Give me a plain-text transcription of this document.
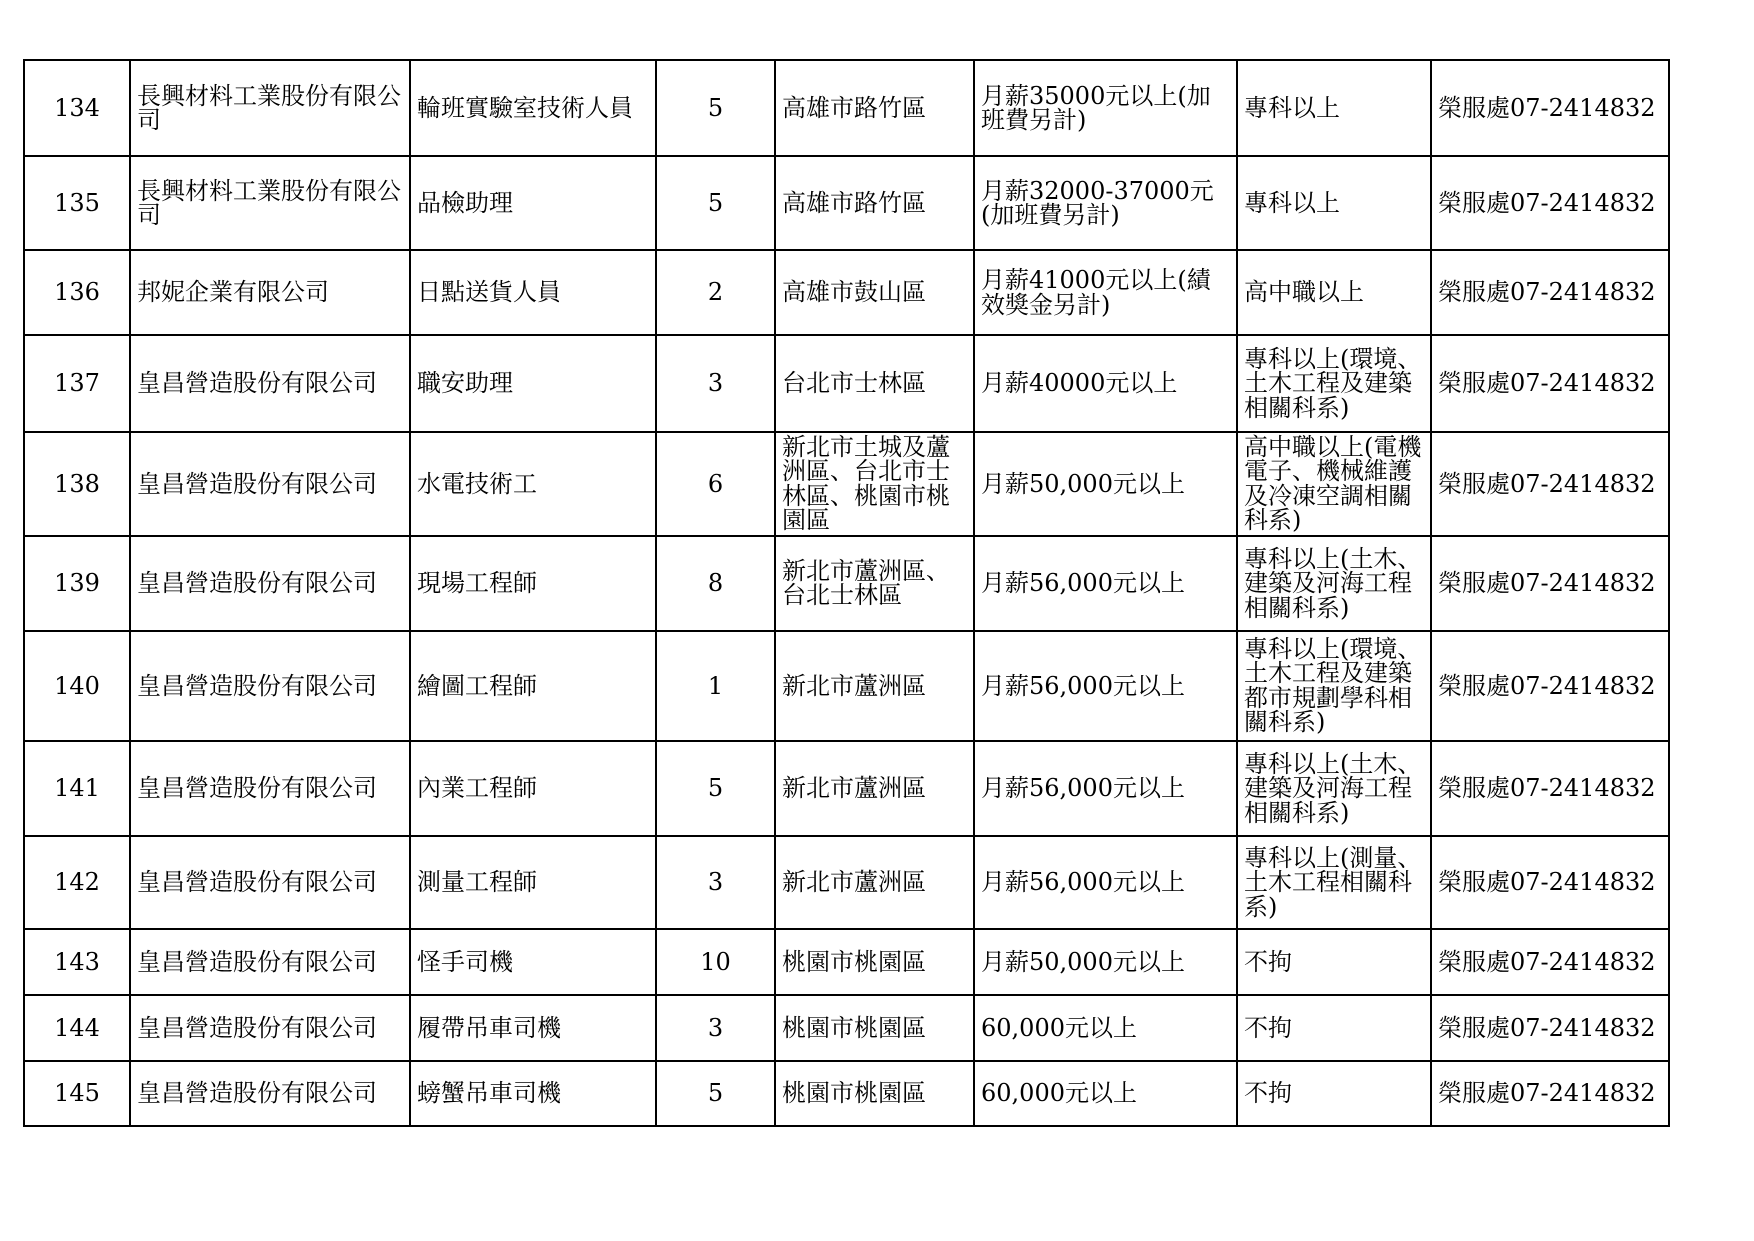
134	長興材料工業股份有限公司	輪班實驗室技術人員	5	高雄市路竹區	月薪35000元以上(加班費另計)	專科以上	榮服處07-2414832
135	長興材料工業股份有限公司	品檢助理	5	高雄市路竹區	月薪32000-37000元(加班費另計)	專科以上	榮服處07-2414832
136	邦妮企業有限公司	日點送貨人員	2	高雄市鼓山區	月薪41000元以上(績效獎金另計)	高中職以上	榮服處07-2414832
137	皇昌營造股份有限公司	職安助理	3	台北市士林區	月薪40000元以上	專科以上(環境、土木工程及建築相關科系)	榮服處07-2414832
138	皇昌營造股份有限公司	水電技術工	6	新北市土城及蘆洲區、台北市士林區、桃園市桃園區	月薪50,000元以上	高中職以上(電機電子、機械維護及冷凍空調相關科系)	榮服處07-2414832
139	皇昌營造股份有限公司	現場工程師	8	新北市蘆洲區、台北士林區	月薪56,000元以上	專科以上(土木、建築及河海工程相關科系)	榮服處07-2414832
140	皇昌營造股份有限公司	繪圖工程師	1	新北市蘆洲區	月薪56,000元以上	專科以上(環境、土木工程及建築都市規劃學科相關科系)	榮服處07-2414832
141	皇昌營造股份有限公司	內業工程師	5	新北市蘆洲區	月薪56,000元以上	專科以上(土木、建築及河海工程相關科系)	榮服處07-2414832
142	皇昌營造股份有限公司	測量工程師	3	新北市蘆洲區	月薪56,000元以上	專科以上(測量、土木工程相關科系)	榮服處07-2414832
143	皇昌營造股份有限公司	怪手司機	10	桃園市桃園區	月薪50,000元以上	不拘	榮服處07-2414832
144	皇昌營造股份有限公司	履帶吊車司機	3	桃園市桃園區	60,000元以上	不拘	榮服處07-2414832
145	皇昌營造股份有限公司	螃蟹吊車司機	5	桃園市桃園區	60,000元以上	不拘	榮服處07-2414832
